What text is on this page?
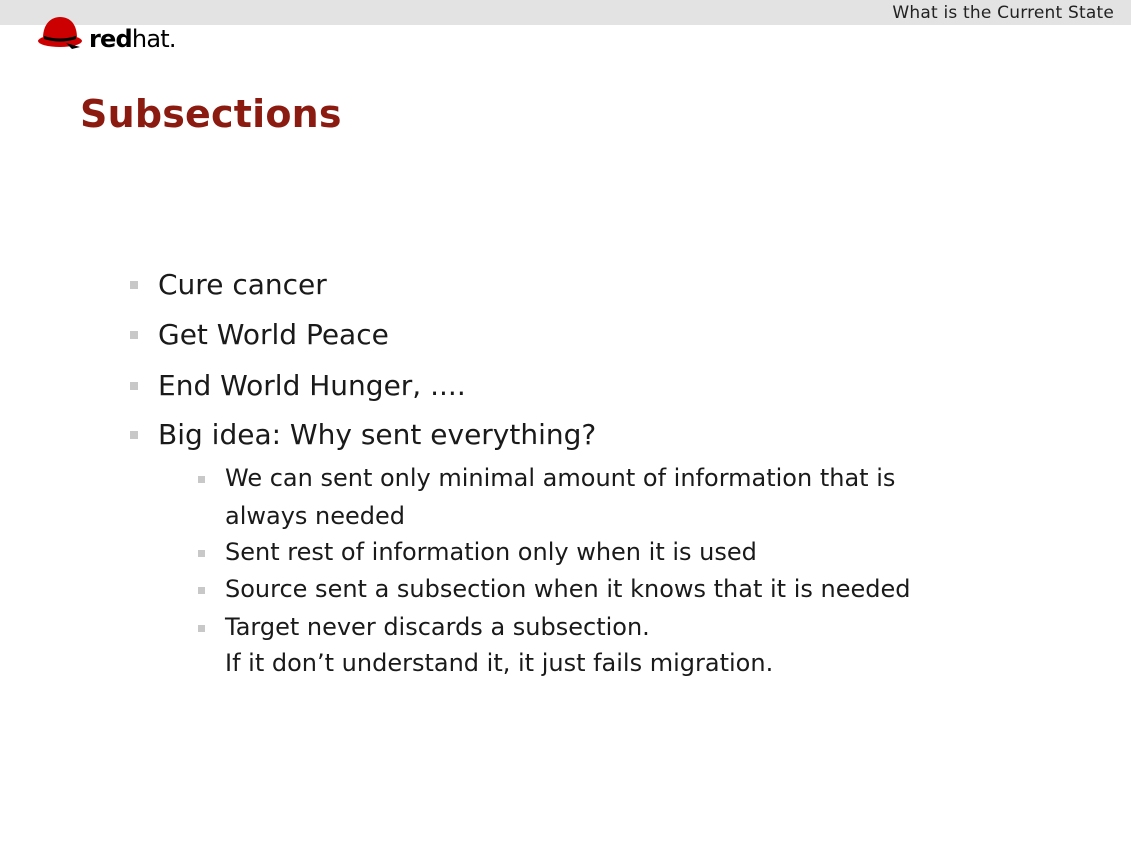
What is the Current State
redhat.
Subsections
Cure cancer
Get World Peace
End World Hunger, ....
Big idea: Why sent everything?
We can sent only minimal amount of information that is
always needed
Sent rest of information only when it is used
Source sent a subsection when it knows that it is needed
Target never discards a subsection.
If it don’t understand it, it just fails migration.
